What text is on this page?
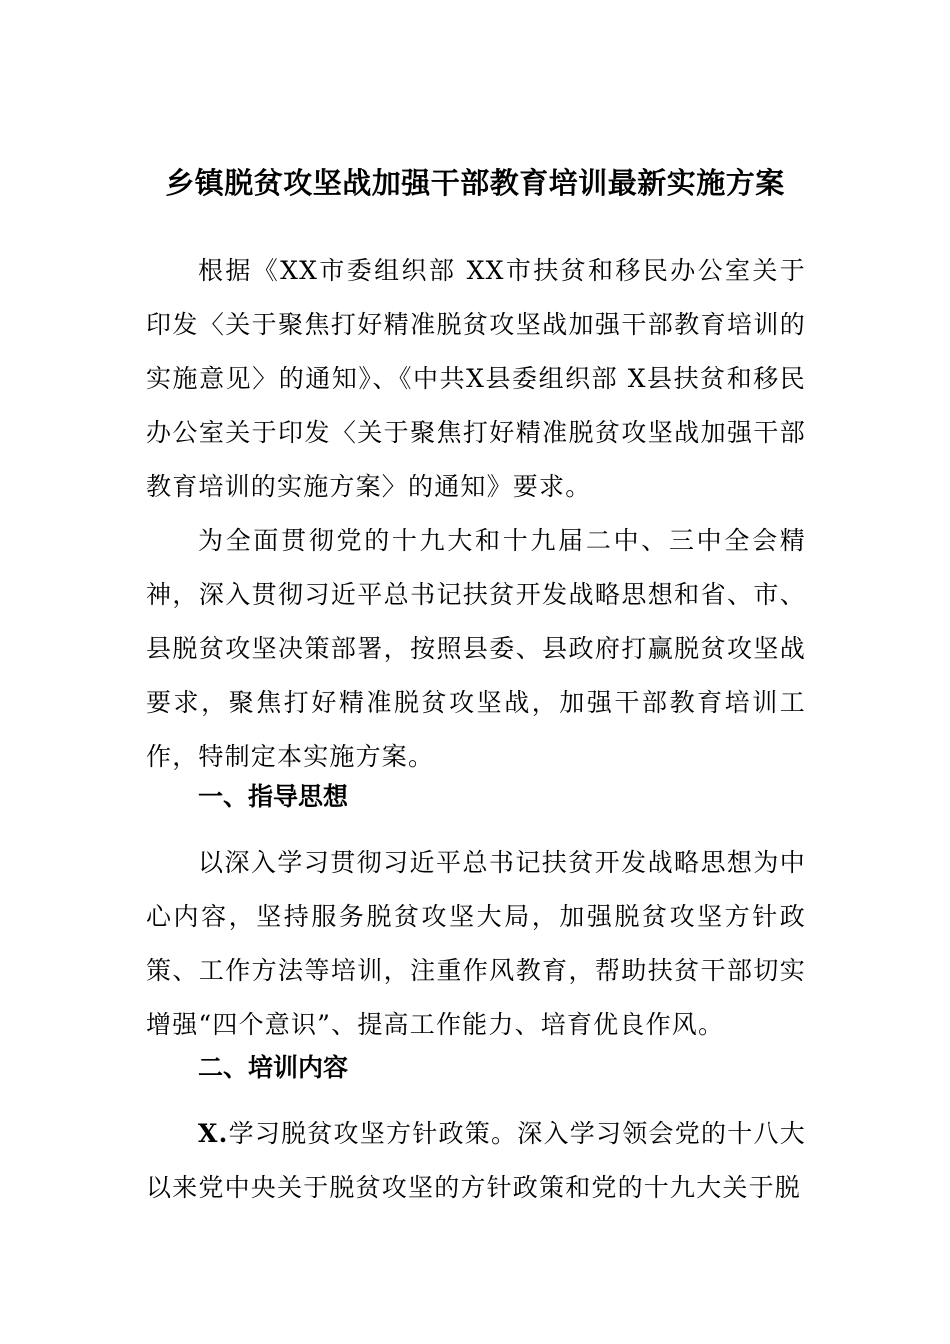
乡镇脱贫攻坚战加强干部教育培训最新实施方案
根据《XX市委组织部 XX市扶贫和移民办公室关于印发〈关于聚焦打好精准脱贫攻坚战加强干部教育培训的实施意见〉的通知》、《中共X县委组织部 X县扶贫和移民办公室关于印发〈关于聚焦打好精准脱贫攻坚战加强干部教育培训的实施方案〉的通知》要求。
为全面贯彻党的十九大和十九届二中、三中全会精神，深入贯彻习近平总书记扶贫开发战略思想和省、市、县脱贫攻坚决策部署，按照县委、县政府打赢脱贫攻坚战要求，聚焦打好精准脱贫攻坚战，加强干部教育培训工作，特制定本实施方案。
一、指导思想
以深入学习贯彻习近平总书记扶贫开发战略思想为中心内容，坚持服务脱贫攻坚大局，加强脱贫攻坚方针政策、工作方法等培训，注重作风教育，帮助扶贫干部切实增强“四个意识”、提高工作能力、培育优良作风。
二、培训内容
X.学习脱贫攻坚方针政策。深入学习领会党的十八大以来党中央关于脱贫攻坚的方针政策和党的十九大关于脱
